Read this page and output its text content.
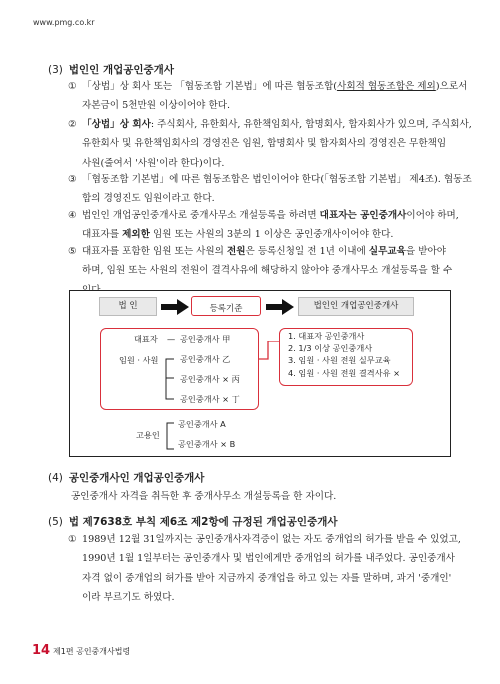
www.pmg.co.kr
(3) 법인인 개업공인중개사
① 「상법」상 회사 또는 「협동조합 기본법」에 따른 협동조합(사회적 협동조합은 제외)으로서
자본금이 5천만원 이상이어야 한다.
② 「상법」상 회사: 주식회사, 유한회사, 유한책임회사, 합명회사, 합자회사가 있으며, 주식회사,
유한회사 및 유한책임회사의 경영진은 임원, 합명회사 및 합자회사의 경영진은 무한책임
사원(줄여서 '사원'이라 한다)이다.
③ 「협동조합 기본법」에 따른 협동조합은 법인이어야 한다(「협동조합 기본법」 제4조). 협동조
합의 경영진도 임원이라고 한다.
④ 법인인 개업공인중개사로 중개사무소 개설등록을 하려면 대표자는 공인중개사이어야 하며,
대표자를 제외한 임원 또는 사원의 3분의 1 이상은 공인중개사이어야 한다.
⑤ 대표자를 포함한 임원 또는 사원의 전원은 등록신청일 전 1년 이내에 실무교육을 받아야
하며, 임원 또는 사원의 전원이 결격사유에 해당하지 않아야 중개사무소 개설등록을 할 수
법 인	등록기준	법인인 개업공인중개사
대표자 — 공인중개사 甲
임원 · 사원	공인중개사 乙
공인중개사 × 丙
공인중개사 × 丁
1. 대표자 공인중개사
2. 1/3 이상 공인중개사
3. 임원 · 사원 전원 실무교육
4. 임원 · 사원 전원 결격사유 ×
고용인
공인중개사 A
공인중개사 × B
(4) 공인중개사인 개업공인중개사
공인중개사 자격을 취득한 후 중개사무소 개설등록을 한 자이다.
(5) 법 제7638호 부칙 제6조 제2항에 규정된 개업공인중개사
① 1989년 12월 31일까지는 공인중개사자격증이 없는 자도 중개업의 허가를 받을 수 있었고,
1990년 1월 1일부터는 공인중개사 및 법인에게만 중개업의 허가를 내주었다. 공인중개사
자격 없이 중개업의 허가를 받아 지금까지 중개업을 하고 있는 자를 말하며, 과거 '중개인'
이라 부르기도 하였다.
14 제1편 공인중개사법령
